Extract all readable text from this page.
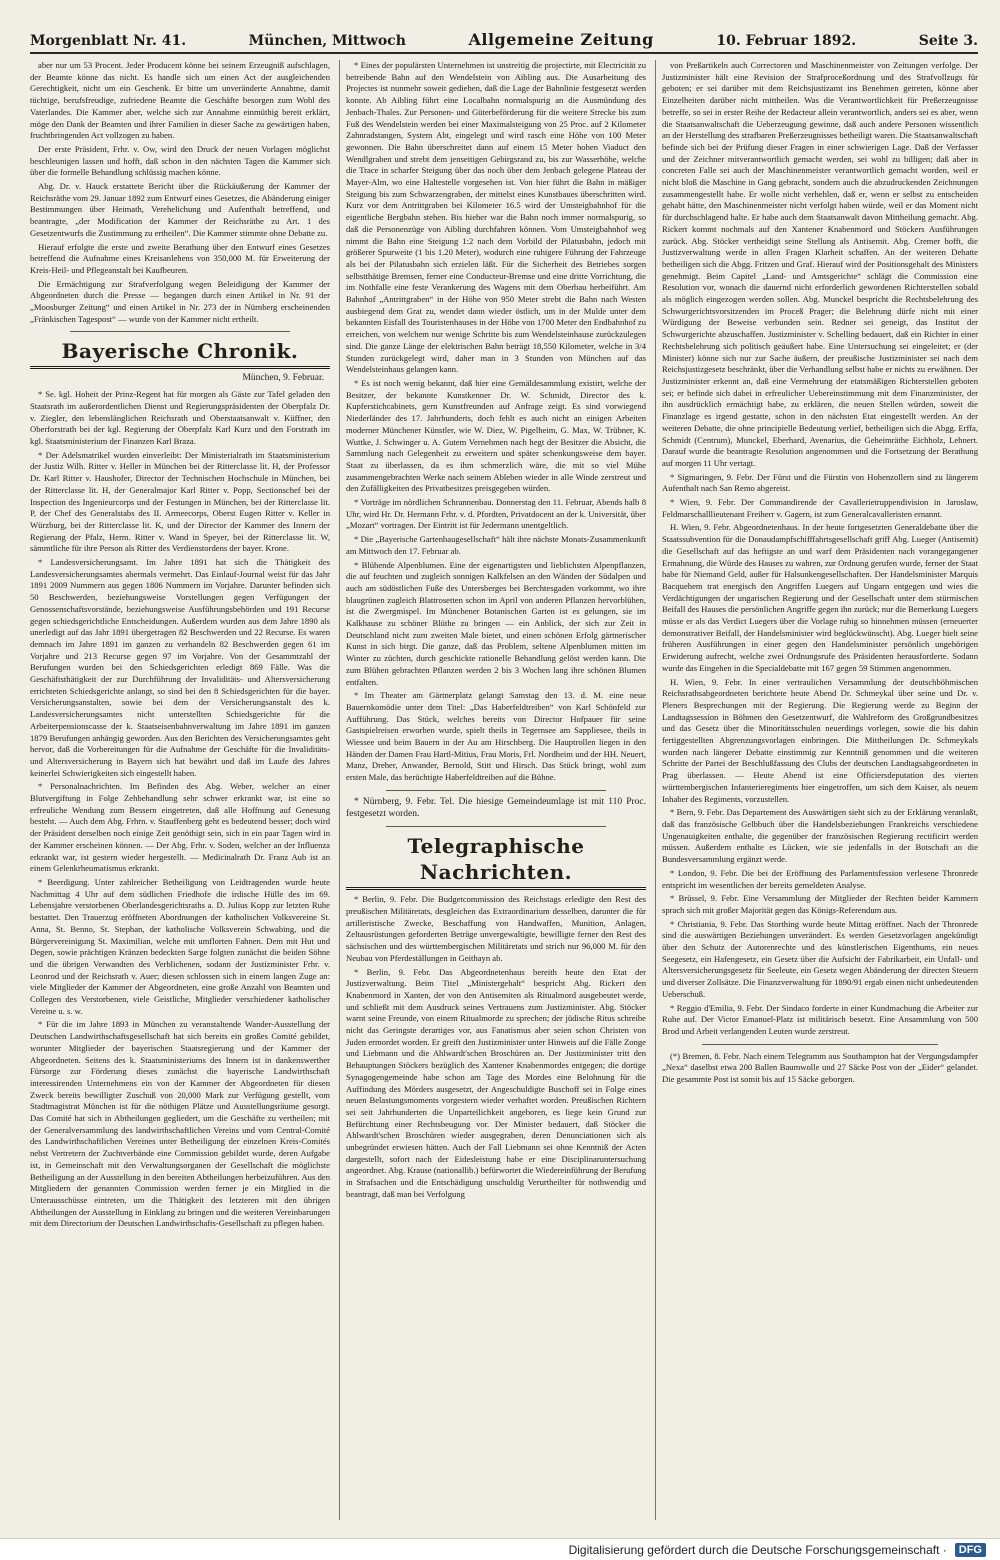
Morgenblatt Nr. 41.	München, Mittwoch	Allgemeine Zeitung	10. Februar 1892.	Seite 3.

aber nur um 53 Procent. Jeder Producent könne bei seinem Erzeugniß aufschlagen, der Beamte könne das nicht. Es handle sich um einen Act der ausgleichenden Gerechtigkeit, nicht um ein Geschenk. Er bitte um unveränderte Annahme, damit tüchtige, berufsfreudige, zufriedene Beamte die Geschäfte besorgen zum Wohl des Vaterlandes. Die Kammer aber, welche sich zur Annahme einmüthig bereit erklärt, möge den Dank der Beamten und ihrer Familien in dieser Sache zu gewärtigen haben, fruchtbringenden Act vollzogen zu haben.

Der erste Präsident, Frhr. v. Ow, wird den Druck der neuen Vorlagen möglichst beschleunigen lassen und hofft, daß schon in den nächsten Tagen die Kammer sich über die formelle Behandlung schlüssig machen könne.

Abg. Dr. v. Hauck erstattete Bericht über die Rückäußerung der Kammer der Reichsräthe vom 29. Januar 1892 zum Entwurf eines Gesetzes, die Abänderung einiger Bestimmungen über Heimath, Verehelichung und Aufenthalt betreffend, und beantragte, „der Modification der Kammer der Reichsräthe zu Art. 1 des Gesetzentwurfs die Zustimmung zu ertheilen“. Die Kammer stimmte ohne Debatte zu.

Hierauf erfolgte die erste und zweite Berathung über den Entwurf eines Gesetzes betreffend die Aufnahme eines Kreisanlehens von 350,000 M. für Erweiterung der Kreis-Heil- und Pflegeanstalt bei Kaufbeuren.

Die Ermächtigung zur Strafverfolgung wegen Beleidigung der Kammer der Abgeordneten durch die Presse — begangen durch einen Artikel in Nr. 91 der „Moosburger Zeitung“ und einen Artikel in Nr. 273 der in Nürnberg erscheinenden „Fränkischen Tagespost“ — wurde von der Kammer nicht ertheilt.

Bayerische Chronik.
München, 9. Februar.

* Se. kgl. Hoheit der Prinz-Regent hat für morgen als Gäste zur Tafel geladen den Staatsrath im außerordentlichen Dienst und Regierungspräsidenten der Oberpfalz Dr. v. Ziegler, den lebenslänglichen Reichsrath und Oberstaatsanwalt v. Küffner, den Oberforstrath bei der kgl. Regierung der Oberpfalz Karl Kurz und den Forstrath im kgl. Staatsministerium der Finanzen Karl Braza.

* Der Adelsmatrikel wurden einverleibt: Der Ministerialrath im Staatsministerium der Justiz Wilh. Ritter v. Heller in München bei der Ritterclasse lit. H, der Professor Dr. Karl Ritter v. Haushofer, Director der Technischen Hochschule in München, bei der Ritterclasse lit. H, der Generalmajor Karl Ritter v. Popp, Sectionschef bei der Inspection des Ingenieurcorps und der Festungen in München, bei der Ritterclasse lit. P, der Chef des Generalstabs des II. Armeecorps, Oberst Eugen Ritter v. Keller in Würzburg, bei der Ritterclasse lit. K, und der Director der Kammer des Innern der Regierung der Pfalz, Herm. Ritter v. Wand in Speyer, bei der Ritterclasse lit. W, sämmtliche für ihre Person als Ritter des Verdienstordens der bayer. Krone.

* Landesversicherungsamt. Im Jahre 1891 hat sich die Thätigkeit des Landesversicherungsamtes abermals vermehrt. Das Einlauf-Journal weist für das Jahr 1891 2009 Nummern aus gegen 1806 Nummern im Vorjahre. Darunter befinden sich 50 Beschwerden, beziehungsweise Vorstellungen gegen Verfügungen der Genossenschaftsvorstände, beziehungsweise Ausführungsbehörden und 191 Recurse gegen schiedsgerichtliche Entscheidungen. Außerdem wurden aus dem Jahre 1890 als unerledigt auf das Jahr 1891 übergetragen 82 Beschwerden und 22 Recurse. Es waren demnach im Jahre 1891 im ganzen zu verhandeln 82 Beschwerden gegen 61 im Vorjahre und 213 Recurse gegen 97 im Vorjahre. Von der Gesammtzahl der Berufungen wurden bei den Schiedsgerichten erledigt 869 Fälle. Was die Geschäftsthätigkeit der zur Durchführung der Invaliditäts- und Altersversicherung errichteten Schiedsgerichte anlangt, so sind bei den 8 Schiedsgerichten für die bayer. Versicherungsanstalten, sowie bei dem der Versicherungsanstalt des k. Landesversicherungsamtes nicht unterstellten Schiedsgerichte für die Arbeiterpensionscasse der k. Staatseisenbahnverwaltung im Jahre 1891 im ganzen 1879 Berufungen anhängig geworden. Aus den Berichten des Versicherungsamtes geht hervor, daß die Vorbereitungen für die Aufnahme der Geschäfte für die Invaliditäts- und Altersversicherung in Bayern sich hat bewährt und daß im Laufe des Jahres keinerlei Schwierigkeiten sich eingestellt haben.

* Personalnachrichten. Im Befinden des Abg. Weber, welcher an einer Blutvergiftung in Folge Zehbehandlung sehr schwer erkrankt war, ist eine so erfreuliche Wendung zum Bessern eingetreten, daß alle Hoffnung auf Genesung besteht. — Auch dem Abg. Frhrn. v. Stauffenberg geht es bedeutend besser; doch wird der Präsident derselben noch einige Zeit genöthigt sein, sich in ein paar Tagen wird in der Kammer erscheinen können. — Der Abg. Frhr. v. Soden, welcher an der Influenza erkrankt war, ist gestern wieder hergestellt. — Medicinalrath Dr. Franz Aub ist an einem Gelenkrheumatismus erkrankt.

* Beerdigung. Unter zahlreicher Betheiligung von Leidtragenden wurde heute Nachmittag 4 Uhr auf dem südlichen Friedhofe die irdische Hülle des im 69. Lebensjahre verstorbenen Oberlandesgerichtsraths a. D. Julius Kopp zur letzten Ruhe bestattet. Den Trauerzug eröffneten Abordnungen der katholischen Volksvereine St. Anna, St. Benno, St. Stephan, der katholische Volksverein Schwabing, und die Bürgervereinigung St. Maximilian, welche mit umflorten Fahnen. Dem mit Hut und Degen, sowie prächtigen Kränzen bedeckten Sarge folgten zunächst die beiden Söhne und die übrigen Verwandten des Verblichenen, sodann der Justizminister Frhr. v. Leonrod und der Reichsrath v. Auer; diesen schlossen sich in einem langen Zuge an: viele Mitglieder der Kammer der Abgeordneten, eine große Anzahl von Beamten und Collegen des Verstorbenen, viele Geistliche, Mitglieder verschiedener katholischer Vereine u. s. w.

* Für die im Jahre 1893 in München zu veranstaltende Wander-Ausstellung der Deutschen Landwirthschaftsgesellschaft hat sich bereits ein großes Comité gebildet, worunter Mitglieder der bayerischen Staatsregierung und der Kammer der Abgeordneten. Seitens des k. Staatsministeriums des Innern ist in dankenswerther Fürsorge zur Förderung dieses zunächst die bayerische Landwirthschaft interessirenden Unternehmens ein von der Kammer der Abgeordneten für diesen Zweck bereits bewilligter Zuschuß von 20,000 Mark zur Verfügung gestellt, vom Stadtmagistrat München ist für die nöthigen Plätze und Ausstellungsräume gesorgt. Das Comité hat sich in Abtheilungen gegliedert, um die Geschäfte zu vertheilen; mit der Generalversammlung des landwirthschaftlichen Vereins und vom Central-Comité des Landwirthschaftlichen Vereines unter Betheiligung der einzelnen Kreis-Comités nebst Vertretern der Zuchtverbände eine Commission gebildet wurde, deren Aufgabe ist, in Gemeinschaft mit den Verwaltungsorganen der Gesellschaft die möglichste Betheiligung an der Ausstellung in den bereiten Abtheilungen herbeizuführen. Aus den Mitgliedern der genannten Commission werden ferner je ein Mitglied in die Unterausschüsse eintreten, um die Thätigkeit des letzteren mit den übrigen Abtheilungen der Ausstellung in Einklang zu bringen und die weiteren Vereinbarungen mit dem Directorium der Deutschen Landwirthschafts-Gesellschaft zu pflegen haben.

* Eines der populärsten Unternehmen ist unstreitig die projectirte, mit Electricität zu betreibende Bahn auf den Wendelstein von Aibling aus. Die Ausarbeitung des Projectes ist nunmehr soweit gediehen, daß die Lage der Bahnlinie festgesetzt werden konnte. Ab Aibling führt eine Localbahn normalspurig an die Ausmündung des Jenbach-Thales. Zur Personen- und Güterbeförderung für die weitere Strecke bis zum Fuß des Wendelstein werden bei einer Maximalsteigung von 25 Proc. auf 2 Kilometer Zahnradstangen, System Abt, eingelegt und wird rasch eine Höhe von 100 Meter gewonnen. Die Bahn überschreitet dann auf einem 15 Meter hohen Viaduct den Wendlgraben und strebt dem jenseitigen Gebirgsrand zu, bis zur Wasserhöhe, welche die Trace in scharfer Steigung über das noch über dem Jenbach gelegene Plateau der Mayer-Alm, wo eine Haltestelle vorgesehen ist. Von hier führt die Bahn in mäßiger Steigung bis zum Schwarzengraben, der mittelst eines Kunstbaues überschritten wird. Kurz vor dem Antrittgraben bei Kilometer 16.5 wird der Umsteigbahnhof für die eigentliche Bergbahn stehen. Bis hieher war die Bahn noch immer normalspurig, so daß die Personenzüge von Aibling durchfahren können. Vom Umsteigbahnhof weg nimmt die Bahn eine Steigung 1:2 nach dem Vorbild der Pilatusbahn, jedoch mit größerer Spurweite (1 bis 1.20 Meter), wodurch eine ruhigere Führung der Fahrzeuge als bei der Pilatusbahn sich erzielen läßt. Für die Sicherheit des Betriebes sorgen selbstthätige Bremsen, ferner eine Conducteur-Bremse und eine dritte Vorrichtung, die im Nothfalle eine feste Verankerung des Wagens mit dem Oberbau herbeiführt. Am Bahnhof „Antrittgraben“ in der Höhe von 950 Meter strebt die Bahn nach Westen ausbiegend dem Grat zu, wendet dann wieder östlich, um in der Mulde unter dem bekannten Eisfall des Touristenhauses in der Höhe von 1700 Meter den Endbahnhof zu erreichen, von welchem nur wenige Schritte bis zum Wendelsteinhause zurückzulegen sind. Die ganze Länge der elektrischen Bahn beträgt 18,550 Kilometer, welche in 3/4 Stunden zurückgelegt wird, daher man in 3 Stunden von München auf das Wendelsteinhaus gelangen kann.

* Es ist noch wenig bekannt, daß hier eine Gemäldesammlung existirt, welche der Besitzer, der bekannte Kunstkenner Dr. W. Schmidt, Director des k. Kupferstichcabinets, gern Kunstfreunden auf Anfrage zeigt. Es sind vorwiegend Niederländer des 17. Jahrhunderts, doch fehlt es auch nicht an einigen Arbeiten moderner Münchener Künstler, wie W. Diez, W. Pigelheim, G. Max, W. Trübner, K. Wuttke, J. Schwinger u. A. Gutem Vernehmen nach hegt der Besitzer die Absicht, die Sammlung nach Gelegenheit zu erweitern und später schenkungsweise dem bayer. Staat zu überlassen, da es ihm schmerzlich wäre, die mit so viel Mühe zusammengebrachten Werke nach seinem Ableben wieder in alle Winde zerstreut und den Zufälligkeiten des Privatbesitzes preisgegeben würden.

* Vorträge im nördlichen Schrannenbau. Donnerstag den 11. Februar, Abends halb 8 Uhr, wird Hr. Dr. Hermann Frhr. v. d. Pfordten, Privatdocent an der k. Universität, über „Mozart“ vortragen. Der Eintritt ist für Jedermann unentgeltlich.

* Die „Bayerische Gartenbaugesellschaft“ hält ihre nächste Monats-Zusammenkunft am Mittwoch den 17. Februar ab.

* Blühende Alpenblumen. Eine der eigenartigsten und lieblichsten Alpenpflanzen, die auf feuchten und zugleich sonnigen Kalkfelsen an den Wänden der Südalpen und auch am südöstlichen Fuße des Untersberges bei Berchtesgaden vorkommt, wo ihre blaugrünen zugleich Blattrosetten schon im April von anderen Pflanzen hervorblühen, ist die Zwergmispel. Im Münchener Botanischen Garten ist es gelungen, sie im Kalkhause zu schöner Blüthe zu bringen — ein Anblick, der sich zur Zeit in Deutschland nicht zum zweiten Male bietet, und einen schönen Erfolg gärtnerischer Kunst in sich birgt. Die ganze, daß das Problem, seltene Alpenblumen mitten im Winter zu züchten, durch geschickte rationelle Behandlung gelöst werden kann. Die zum Blühen gebrachten Pflanzen werden 2 bis 3 Wochen lang ihre schönen Blumen entfalten.

* Im Theater am Gärtnerplatz gelangt Samstag den 13. d. M. eine neue Bauernkomödie unter dem Titel: „Das Haberfeldtreiben“ von Karl Schönfeld zur Aufführung. Das Stück, welches bereits von Director Hofpauer für seine Gastspielreisen erworben wurde, spielt theils in Tegernsee am Sappliesee, theils in Wiessee und beim Bauern in der Au am Hirschberg. Die Hauptrollen liegen in den Händen der Damen Frau Hartl-Mitius, Frau Moris, Frl. Nordheim und der HH. Neuert, Manz, Dreher, Anwander, Bernold, Stitt und Hirsch. Das Stück bringt, wohl zum ersten Male, das berüchtigte Haberfeldtreiben auf die Bühne.

* Nürnberg, 9. Febr. Tel. Die hiesige Gemeindeumlage ist mit 110 Proc. festgesetzt worden.

Telegraphische Nachrichten.

* Berlin, 9. Febr. Die Budgetcommission des Reichstags erledigte den Rest des preußischen Militäretats, desgleichen das Extraordinarium desselben, darunter die für artilleristische Zwecke, Beschaffung von Handwaffen, Munition, Anlagen, Zeltausrüstungen geforderten Beträge unvergewaltigte, bewilligte ferner den Rest des sächsischen und des württembergischen Militäretats und strich nur 96,000 M. für den Neubau von Pferdeställungen in Geithayn ab.

* Berlin, 9. Febr. Das Abgeordnetenhaus bereith heute den Etat der Justizverwaltung. Beim Titel „Ministergehalt“ bespricht Abg. Rickert den Knabenmord in Xanten, der von den Antisemiten als Ritualmord ausgebeutet werde, und schließt mit dem Ausdruck seines Vertrauens zum Justizminister. Abg. Stöcker warnt seine Freunde, von einem Ritualmorde zu sprechen; der jüdische Ritus schreibe nicht das Geringste derartiges vor, aus Fanatismus aber seien schon Christen von Juden ermordet worden. Er greift den Justizminister unter Hinweis auf die Fälle Zonge und Liebmann und die Ahlwardt'schen Broschüren an. Der Justizminister tritt den Behauptungen Stöckers bezüglich des Xantener Knabenmordes entgegen; die dortige Synagogengemeinde habe schon am Tage des Mordes eine Belohnung für die Auffindung des Mörders ausgesetzt, der Angeschuldigte Buschoff sei in Folge eines neuen Belastungsmoments vorgestern wieder verhaftet worden. Preußischen Richtern sei seit Jahrhunderten die Unparteilichkeit angeboren, es liege kein Grund zur Befürchtung einer Rechtsbeugung vor. Der Minister bedauert, daß Stöcker die Ahlwardt'schen Broschüren wieder ausgegraben, deren Denunciationen sich als unbegründet erwiesen hätten. Auch der Fall Liebmann sei ohne Kenntniß der Acten dargestellt, sofort nach der Eidesleistung habe er eine Disciplinaruntersuchung angeordnet. Abg. Krause (nationallib.) befürwortet die Wiedereinführung der Berufung in Strafsachen und die Entschädigung unschuldig Verurtheilter für nothwendig und beantragt, daß man bei Verfolgung

von Preßartikeln auch Correctoren und Maschinenmeister von Zeitungen verfolge. Der Justizminister hält eine Revision der Strafproceßordnung und des Strafvollzugs für geboten; er sei darüber mit dem Reichsjustizamt ins Benehmen getreten, könne aber Einzelheiten darüber nicht mittheilen. Was die Verantwortlichkeit für Preßerzeugnisse betreffe, so sei in erster Reihe der Redacteur allein verantwortlich, anders sei es aber, wenn die Staatsanwaltschaft die Ueberzeugung gewinne, daß auch andere Personen wissentlich an der Herstellung des strafbaren Preßerzeugnisses betheiligt waren. Die Staatsanwaltschaft befinde sich bei der Prüfung dieser Fragen in einer schwierigen Lage. Daß der Verfasser und der Zeichner mitverantwortlich gemacht werden, sei wohl zu billigen; daß aber in concreten Falle sei auch der Maschinenmeister verantwortlich gemacht worden, weil er nicht bloß die Maschine in Gang gebracht, sondern auch die abzudruckenden Zeichnungen zusammengestellt habe. Er wolle nicht verhehlen, daß er, wenn er selbst zu entscheiden gehabt hätte, den Maschinenmeister nicht verfolgt haben würde, weil er das Moment nicht für durchschlagend halte. Er habe auch dem Staatsanwalt davon Mittheilung gemacht. Abg. Rickert kommt nochmals auf den Xantener Knabenmord und Stöckers Ausführungen zurück. Abg. Stöcker vertheidigt seine Stellung als Antisemit. Abg. Cremer hofft, die Justizverwaltung werde in allen Fragen Klarheit schaffen. An der weiteren Debatte betheiligen sich die Abgg. Fritzen und Graf. Hierauf wird der Positionsgehalt des Ministers genehmigt. Beim Capitel „Land- und Amtsgerichte“ schlägt die Commission eine Resolution vor, wonach die dauernd nicht erforderlich gewordenen Richterstellen sobald als möglich eingezogen werden sollen. Abg. Munckel bespricht die Rechtsbelehrung des Schwurgerichtsvorsitzenden im Proceß Prager; die Belehrung dürfe nicht mit einer Würdigung der Beweise verbunden sein. Redner sei geneigt, das Institut der Schwurgerichte abzuschaffen. Justizminister v. Schelling bedauert, daß ein Richter in einer Rechtsbelehrung sich politisch geäußert habe. Eine Untersuchung sei eingeleitet; er (der Minister) könne sich nur zur Sache äußern, der preußische Justizminister sei nach dem Reichsjustizgesetz beschränkt, über die Verhandlung selbst habe er nichts zu erwähnen. Der Justizminister erkennt an, daß eine Vermehrung der etatsmäßigen Richterstellen geboten sei; er befinde sich dabei in erfreulicher Uebereinstimmung mit dem Finanzminister, der ihn ausdrücklich ermächtigt habe, zu erklären, die neuen Stellen würden, soweit die Finanzlage es irgend gestatte, schon in den nächsten Etat eingestellt werden. An der weiteren Debatte, die ohne principielle Bedeutung verlief, betheiligen sich die Abgg. Erffa, Schmidt (Centrum), Munckel, Eberhard, Avenarius, die Geheimräthe Eichholz, Lehnert. Darauf wurde die beantragte Resolution angenommen und die Fortsetzung der Berathung auf morgen 11 Uhr vertagt.

* Sigmaringen, 9. Febr. Der Fürst und die Fürstin von Hohenzollern sind zu längerem Aufenthalt nach San Remo abgereist.

* Wien, 9. Febr. Der Commandirende der Cavallerietruppendivision in Jaroslaw, Feldmarschalllieutenant Freiherr v. Gagern, ist zum Generalcavalleristen ernannt.

H. Wien, 9. Febr. Abgeordnetenhaus. In der heute fortgesetzten Generaldebatte über die Staatssubvention für die Donaudampfschifffahrtsgesellschaft griff Abg. Lueger (Antisemit) die Gesellschaft auf das heftigste an und warf dem Präsidenten nach vorangegangener Ermahnung, die Würde des Hauses zu wahren, zur Ordnung gerufen wurde, ferner der Staat habe für Niemand Geld, außer für Halsunkengesellschaften. Der Handelsminister Marquis Bacquehem trat energisch den Angriffen Luegers auf Ungarn entgegen und wies die Verdächtigungen der ungarischen Regierung und der Gesellschaft unter dem stürmischen Beifall des Hauses die persönlichen Angriffe gegen ihn zurück; nur die Bemerkung Luegers müsse er als das Verdict Luegers über die Vorlage ruhig so hinnehmen müssen (erneuerter demonstrativer Beifall, der Handelsminister wird beglückwünscht). Abg. Lueger hielt seine früheren Ausführungen in einer gegen den Handelsminister persönlich ungehörigen Erwiderung aufrecht, welche zwei Ordnungsrufe des Präsidenten herausforderte. Sodann wurde das Eingehen in die Specialdebatte mit 167 gegen 59 Stimmen angenommen.

H. Wien, 9. Febr. In einer vertraulichen Versammlung der deutschböhmischen Reichsrathsabgeordneten berichtete heute Abend Dr. Schmeykal über seine und Dr. v. Pleners Besprechungen mit der Regierung. Die Regierung werde zu Beginn der Landtagssession in Böhmen den Gesetzentwurf, die Wahlreform des Großgrundbesitzes und das Gesetz über die Minoritätsschulen neuerdings vorlegen, sowie die bis dahin fertiggestellten Abgrenzungsvorlagen einbringen. Die Mittheilungen Dr. Schmeykals wurden nach längerer Debatte einstimmig zur Kenntniß genommen und die weiteren Schritte der Partei der Beschlußfassung des Clubs der deutschen Landtagsabgeordneten in Prag überlassen. — Heute Abend ist eine Officiersdeputation des vierten württembergischen Infanterieregiments hier eingetroffen, um sich dem Kaiser, als neuem Inhaber des Regiments, vorzustellen.

* Bern, 9. Febr. Das Departement des Auswärtigen sieht sich zu der Erklärung veranlaßt, daß das französische Gelbbuch über die Handelsbeziehungen Frankreichs verschiedene Ungenauigkeiten enthalte, die gegenüber der französischen Regierung rectificirt werden müssen. Außerdem enthalte es Lücken, wie sie jedenfalls in der Botschaft an die Bundesversammlung ergänzt werde.

* London, 9. Febr. Die bei der Eröffnung des Parlamentsfession verlesene Thronrede entspricht im wesentlichen der bereits gemeldeten Analyse.

* Brüssel, 9. Febr. Eine Versammlung der Mitglieder der Rechten beider Kammern sprach sich mit großer Majorität gegen das Königs-Referendum aus.

* Christiania, 9. Febr. Das Storthing wurde heute Mittag eröffnet. Nach der Thronrede sind die auswärtigen Beziehungen unverändert. Es werden Gesetzvorlagen angekündigt über den Schutz der Autorenrechte und des künstlerischen Eigenthums, ein neues Seegesetz, ein Hafengesetz, ein Gesetz über die Aufsicht der Fabrikarbeit, ein Unfall- und Altersversicherungsgesetz für Seeleute, ein Gesetz wegen Abänderung der directen Steuern und diverser Zollsätze. Die Finanzverwaltung für 1890/91 ergab einen nicht unbedeutenden Ueberschuß.

* Reggio d'Emilia, 9. Febr. Der Sindaco forderte in einer Kundmachung die Arbeiter zur Ruhe auf. Der Victor Emanuel-Platz ist militärisch besetzt. Eine Ansammlung von 500 Brod und Arbeit verlangenden Leuten wurde zerstreut.

(*) Bremen, 8. Febr. Nach einem Telegramm aus Southampton hat der Vergungsdampfer „Nexa“ daselbst etwa 200 Ballen Baumwolle und 27 Säcke Post von der „Eider“ gelandet. Die gesammte Post ist somit bis auf 15 Säcke geborgen.

Digitalisierung gefördert durch die Deutsche Forschungsgemeinschaft ·	DFG
